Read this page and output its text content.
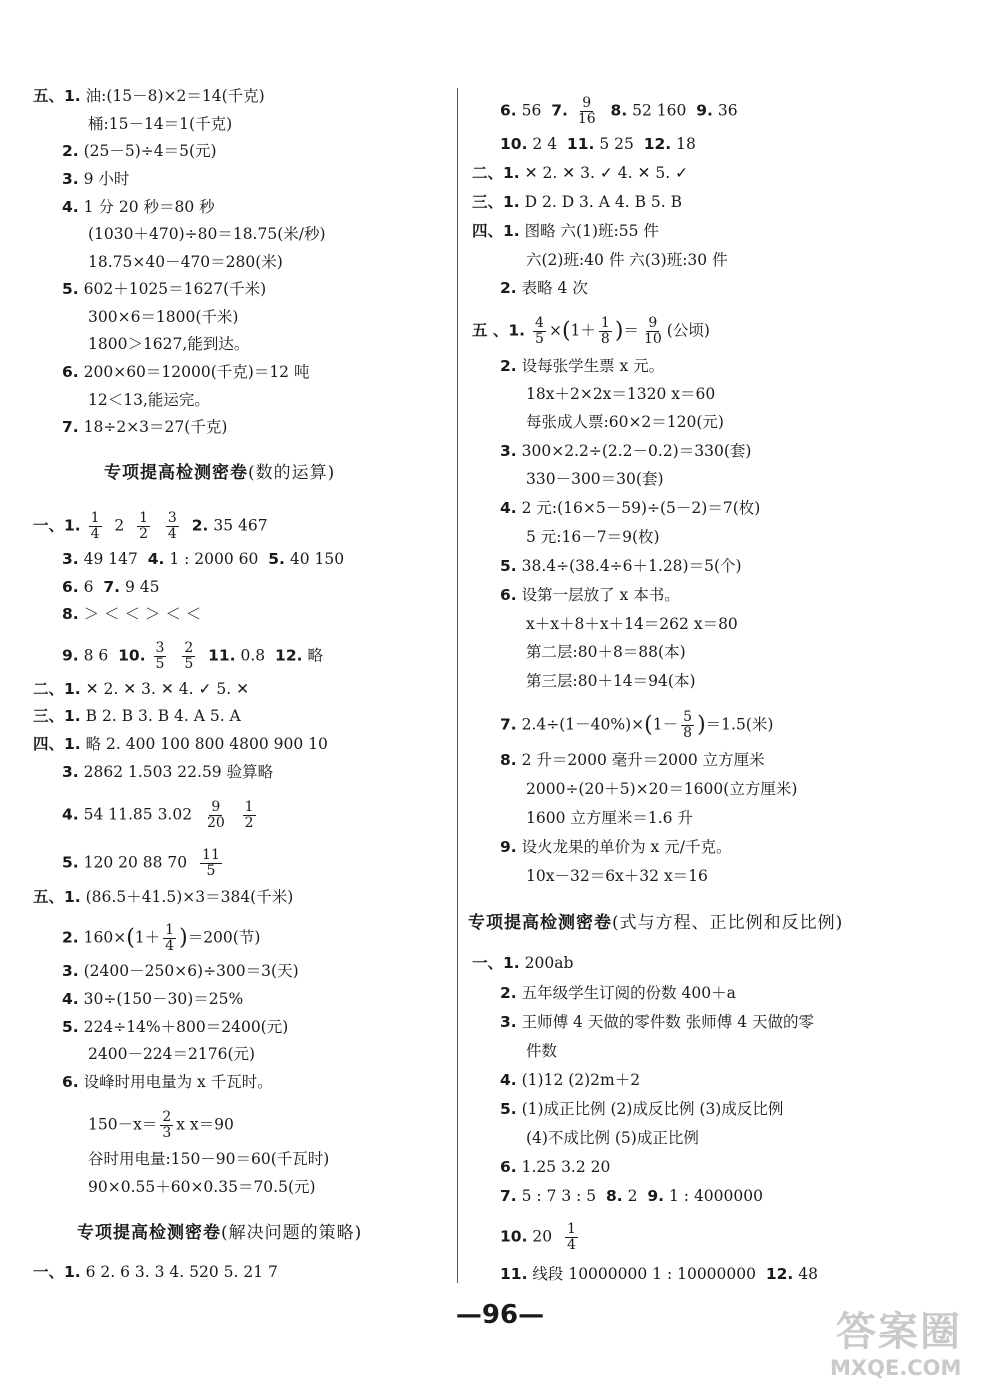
五、1. 油:(15－8)×2＝14(千克)
桶:15－14＝1(千克)
2. (25－5)÷4＝5(元)
3. 9 小时
4. 1 分 20 秒＝80 秒
(1030＋470)÷80＝18.75(米/秒)
18.75×40－470＝280(米)
5. 602＋1025＝1627(千米)
300×6＝1800(千米)
1800＞1627,能到达。
6. 200×60＝12000(千克)＝12 吨
12＜13,能运完。
7. 18÷2×3＝27(千克)
专项提高检测密卷(数的运算)
一、1. $\frac{1}{4} 2 \frac{1}{2}$
$\frac{3}{4} 2$. 35 467
3. 49 147 4. 1 : 2000 60 5. 40 150
6. 6 7. 9 45
8. ＞ ＜ ＜ ＞ ＜ ＜
9. 8 6 10. $\frac{3}{5}$
$\frac{2}{5} 11$. 0.8 12. 略
二、1. ✕ 2. ✕ 3. ✕ 4. ✓ 5. ✕
三、1. B 2. B 3. B 4. A 5. A
四、1. 略 2. 400 100 800 4800 900 10
3. 2862 1.503 22.59 验算略
4. 54 11.85 $3.02 \frac{9}{20}$
$\frac{1}{2}$
5. 120 20 88 $70 \frac{11}{5}$
五、1. (86.5＋41.5)×3＝384(千米)
2. $160\times(1+ \frac{1}{4} )=200$(节)
3. (2400－250×6)÷300＝3(天)
4. 30÷(150－30)＝25%
5. 224÷14%＋800＝2400(元)
2400－224＝2176(元)
6. 设峰时用电量为 x 千瓦时。
$150-x= \frac{2}{3}$ x x＝90
谷时用电量:150－90＝60(千瓦时)
90×0.55＋60×0.35＝70.5(元)
专项提高检测密卷(解决问题的策略)
一、1. 6 2. 6 3. 3 4. 520 5. 21 7
6. 56 7. $\frac{9}{16} 8$. 52 160 9. 36
10. 2 4 11. 5 25 12. 18
二、1. ✕ 2. ✕ 3. ✓ 4. ✕ 5. ✓
三、1. D 2. D 3. A 4. B 5. B
四、1. 图略 六(1)班:55 件
六(2)班:40 件 六(3)班:30 件
2. 表略 4 次
五 、1. $\frac{4}{5} \times(1+ \frac{1}{8}$ )＝ $\frac{9}{10}$ (公顷)
2. 设每张学生票 x 元。
18x＋2×2x＝1320 x＝60
每张成人票:60×2＝120(元)
3. 300×2.2÷(2.2－0.2)＝330(套)
330－300＝30(套)
4. 2 元:(16×5－59)÷(5－2)＝7(枚)
5 元:16－7＝9(枚)
5. 38.4÷(38.4÷6＋1.28)＝5(个)
6. 设第一层放了 x 本书。
x＋x＋8＋x＋14＝262 x＝80
第二层:80＋8＝88(本)
第三层:80＋14＝94(本)
7. $2.4\div(1-40\%)\times(1- \frac{5}{8} )=1.5$(米)
8. 2 升＝2000 毫升＝2000 立方厘米
2000÷(20＋5)×20＝1600(立方厘米)
1600 立方厘米＝1.6 升
9. 设火龙果的单价为 x 元/千克。
10x－32＝6x＋32 x＝16
专项提高检测密卷(式与方程、正比例和反比例)
一、1. 200ab
2. 五年级学生订阅的份数 400＋a
3. 王师傅 4 天做的零件数 张师傅 4 天做的零
件数
4. (1)12 (2)2m＋2
5. (1)成正比例 (2)成反比例 (3)成反比例
(4)不成比例 (5)成正比例
6. 1.25 3.2 20
7. 5 : 7 3 : 5 8. 2 9. 1 : 4000000
10. $20 \frac{1}{4}$
11. 线段 10000000 1 : 10000000 12. 48
—96—	答案圈
MXQE.COM
